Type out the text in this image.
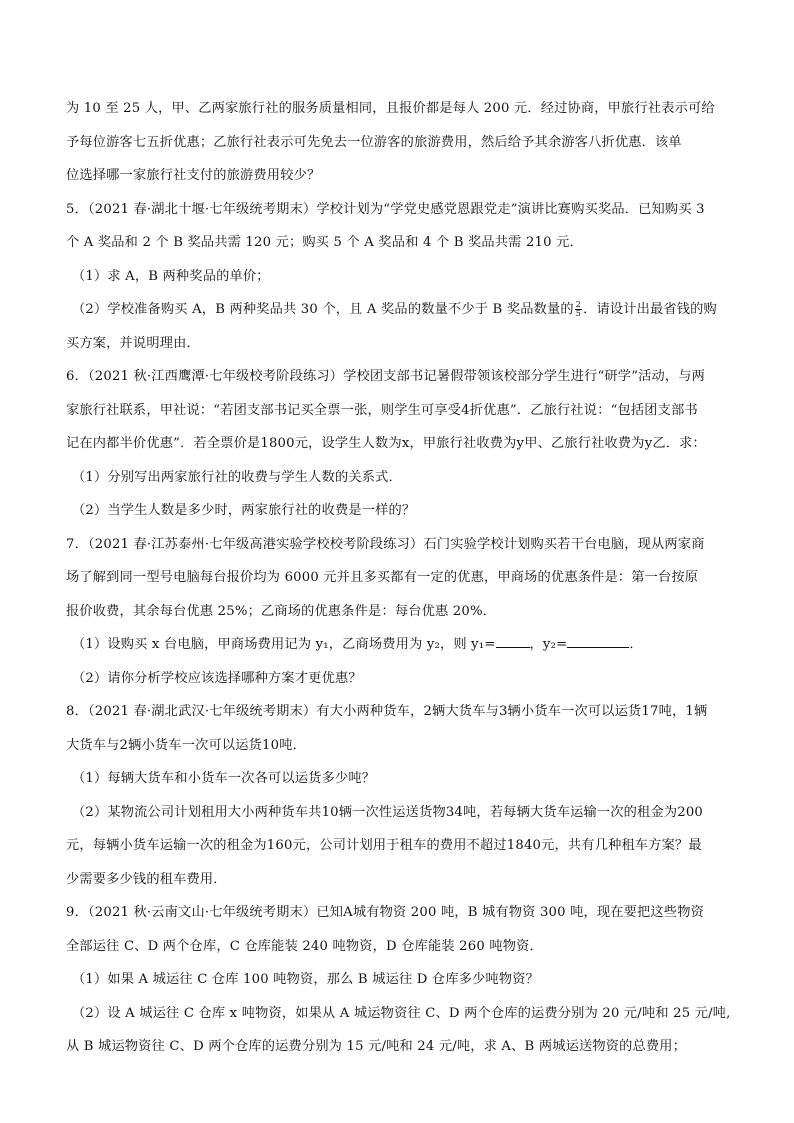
为 10 至 25 人，甲、乙两家旅行社的服务质量相同，且报价都是每人 200 元．经过协商，甲旅行社表示可给
予每位游客七五折优惠；乙旅行社表示可先免去一位游客的旅游费用，然后给予其余游客八折优惠．该单
位选择哪一家旅行社支付的旅游费用较少？
5．（2021 春·湖北十堰·七年级统考期末）学校计划为“学党史感党恩跟党走”演讲比赛购买奖品．已知购买 3
个 A 奖品和 2 个 B 奖品共需 120 元；购买 5 个 A 奖品和 4 个 B 奖品共需 210 元．
（1）求 A，B 两种奖品的单价；
（2）学校准备购买 A，B 两种奖品共 30 个，且 A 奖品的数量不少于 B 奖品数量的 $\frac{2}{5}$ ．请设计出最省钱的购
买方案，并说明理由．
6．（2021 秋·江西鹰潭·七年级校考阶段练习）学校团支部书记暑假带领该校部分学生进行“研学”活动，与两
家旅行社联系，甲社说：“若团支部书记买全票一张，则学生可享受4折优惠”．乙旅行社说：“包括团支部书
记在内都半价优惠”．若全票价是1800元，设学生人数为x，甲旅行社收费为y甲、乙旅行社收费为y乙．求：
（1）分别写出两家旅行社的收费与学生人数的关系式．
（2）当学生人数是多少时，两家旅行社的收费是一样的？
7．（2021 春·江苏泰州·七年级高港实验学校校考阶段练习）石门实验学校计划购买若干台电脑，现从两家商
场了解到同一型号电脑每台报价均为 6000 元并且多买都有一定的优惠，甲商场的优惠条件是：第一台按原
报价收费，其余每台优惠 25%；乙商场的优惠条件是：每台优惠 20%．
（1）设购买 x 台电脑，甲商场费用记为 y₁，乙商场费用为 y₂，则 y₁=	，y₂=	．
（2）请你分析学校应该选择哪种方案才更优惠？
8．（2021 春·湖北武汉·七年级统考期末）有大小两种货车，2辆大货车与3辆小货车一次可以运货17吨，1辆
大货车与2辆小货车一次可以运货10吨．
（1）每辆大货车和小货车一次各可以运货多少吨？
（2）某物流公司计划租用大小两种货车共10辆一次性运送货物34吨，若每辆大货车运输一次的租金为200
元，每辆小货车运输一次的租金为160元，公司计划用于租车的费用不超过1840元，共有几种租车方案？最
少需要多少钱的租车费用．
9．（2021 秋·云南文山·七年级统考期末）已知A城有物资 200 吨，B 城有物资 300 吨，现在要把这些物资
全部运往 C、D 两个仓库，C 仓库能装 240 吨物资，D 仓库能装 260 吨物资．
（1）如果 A 城运往 C 仓库 100 吨物资，那么 B 城运往 D 仓库多少吨物资？
（2）设 A 城运往 C 仓库 x 吨物资，如果从 A 城运物资往 C、D 两个仓库的运费分别为 20 元/吨和 25 元/吨,
从 B 城运物资往 C、D 两个仓库的运费分别为 15 元/吨和 24 元/吨，求 A、B 两城运送物资的总费用；
